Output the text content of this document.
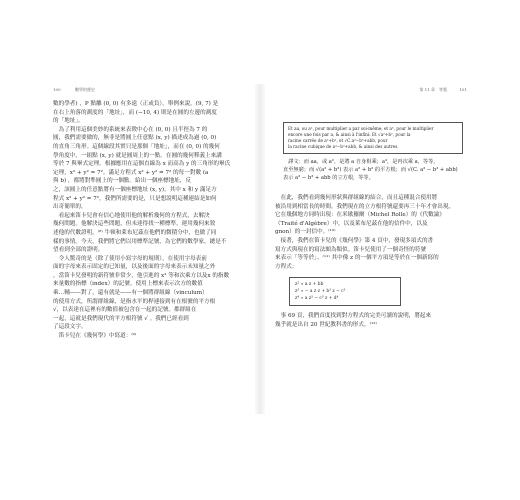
100	數學的歷史
數的學者) ，P 點離 (0, 0) 有多遠（正或負）。舉例來說，(9, 7) 是
在右上角落的測度的「地址」，而 (−10, 4) 則是在圓的左邊的測度
的「地址」。
　為了利用這個美妙的系統來表徵中心在 (0, 0) 且半徑為 7 的
圓，我們需要做的，無非是將圓上任意點 (x, y) 描述成為過 (0, 0)
的直角三角形。這個線段其實只是那個「地址」，而在 (0, 0) 的幾何
學角度中，一組點 (x, y) 就是圓周上的一點。在圓的幾何釋義上來講
等於 7 與畢式定理。根據應用在這個直線為 x 而高為 y 的三角形的畢氏
定理，x² + y² = 7²。滿足方程式 x² + y² = 7² 的每一對數 (a
與 b) ，都將對準圓上的一個點。給出一個座標地址，反
之，該圓上的任意點將有一個座標地址 (x, y)，其中 x 和 y 滿足方
程式 x² + y² = 7²。我們所需要的是，只是想說明這種連結是如何
出奇簡單的，
　看起來笛卡兒會有信心地使用他的解析幾何的方程式，去解決
幾何問題。他解決這些問題，但未達得找一種標準，運用幾何來敘
述他的代數證明。⁽⁸⁾ 牛頓和萊布尼茲在他們的微積分中，也做了同
樣的事情。今天，我們將它們以用標準記號，為它們的數學家，總是不
望看到全部的證明。
　令人驚奇的是（除了使用小寫字母的規則），在使用字母表前
面的字母來表示固定的已知量，以及後面的字母來表示未知量之外
，當笛卡兒發明的新符號非常少，他引進的 x² 等和次乘方以及x 的指數
來量數的指標（index）的記號。使用上標來表示次方的數值
乘…輔——對了，還有就是——有一個將群組線（vinculum）
的使用方式，所謂群組線，是指水平的桿連接到有在根號的平方根
√，以表達在這裡有的數值被包含在一起的記號。都群組在
一起，這就是我們現代的平方根符號 √ 。我們已經看到
了這段文字。
　笛卡兒在《幾何學》中寫道：⁽⁹⁾
第 11 章　等號	101
Et aa, ou a², pour multiplier a par soi-même; et a³, pour le multiplier
encore une fois par a, & ainsi à l'infini: Et √a²+b², pour la
racine carrée de a²+b², et √C.a³−b³+abb, pour
la racine cubique de a³−b³+abb, & ainsi des autres.
　譯文：而 aa，或 a²，是將 a 自身相乘；a³，是再次乘 a，等等，
直至無窮；而 √(a² + b²) 表示 a² + b² 的平方根；而 √(C. a³ − b³ + abb)
表示 a³ − b³ + abb 的立方根，等等。
　在此，我們看到幾何形狀與群組線的結合，而且這種混合使用將
被沿用到相當長的時間。我們現在的立方根符號還要再三十年才會出現，
它在幾個地方同時出現：在米歇羅爾（Michel Rolle）的《代數論》
（Traité d'Algèbre）中，以及萊布尼茲在他的信件中，以及
gnon）的一封信中。⁽¹⁰⁾
　接著，我們在笛卡兒的《幾何學》第 4 頁中，發現多項式的書
寫方式與現在的寫法頗為類似。笛卡兒使用了一個奇怪的符號
來表示「等等於」。⁽¹¹⁾ 其中像 z 的一個平方項是等於在一個新寫的
方程式：
z² ∝ a z + bb
z³ ∝ − a z z + b³ z − c³
z⁴ ∝ a z³ − c³ z + d⁴
　事 69 頁，我們首度找到對方程式的完美可讀的說明，將起來
幾乎就是出自 20 世紀教科書的形式。⁽¹²⁾
